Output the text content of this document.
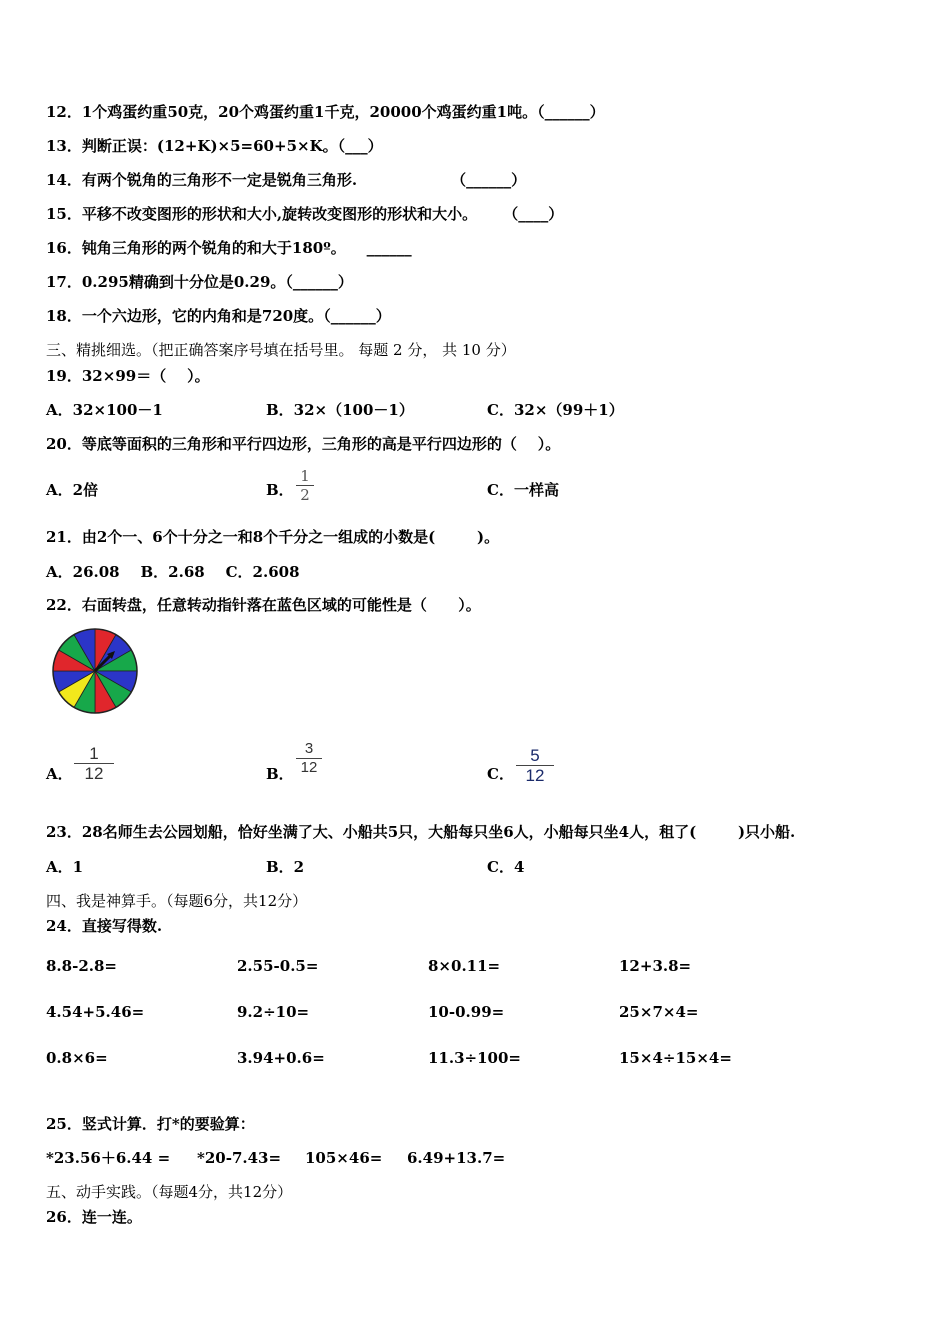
12．1个鸡蛋约重50克，20个鸡蛋约重1千克，20000个鸡蛋约重1吨。（______）
13．判断正误：(12+K)×5=60+5×K。（___）
14．有两个锐角的三角形不一定是锐角三角形.                  （______）
15．平移不改变图形的形状和大小,旋转改变图形的形状和大小。     （____）
16．钝角三角形的两个锐角的和大于180º。    ______
17．0.295精确到十分位是0.29。（______）
18．一个六边形，它的内角和是720度。（______）
三、精挑细选。（把正确答案序号填在括号里。 每题 2 分， 共 10 分）
19．32×99＝（    ）。
A．32×100－1	B．32×（100－1）	C．32×（99＋1）
20．等底等面积的三角形和平行四边形，三角形的高是平行四边形的（    ）。
A．2倍	B． $\frac{1}{2}$	C．一样高
21．由2个一、6个十分之一和8个千分之一组成的小数是(        )。
A．26.08    B．2.68    C．2.608
22．右面转盘，任意转动指针落在蓝色区域的可能性是（      ）。
A． $\frac{1}{12}$	B． $\frac{3}{12}$	C． $\frac{5}{12}$
23．28名师生去公园划船，恰好坐满了大、小船共5只，大船每只坐6人，小船每只坐4人，租了(        )只小船.
A．1	B．2	C．4
四、我是神算手。（每题6分，共12分）
24．直接写得数.
8.8-2.8=	2.55-0.5=	8×0.11=	12+3.8=
4.54+5.46=	9.2÷10=	10-0.99=	25×7×4=
0.8×6=	3.94+0.6=	11.3÷100=	15×4÷15×4=
25．竖式计算．打*的要验算：
*23.56＋6.44 = *20-7.43= 105×46= 6.49+13.7=
五、动手实践。（每题4分，共12分）
26．连一连。
